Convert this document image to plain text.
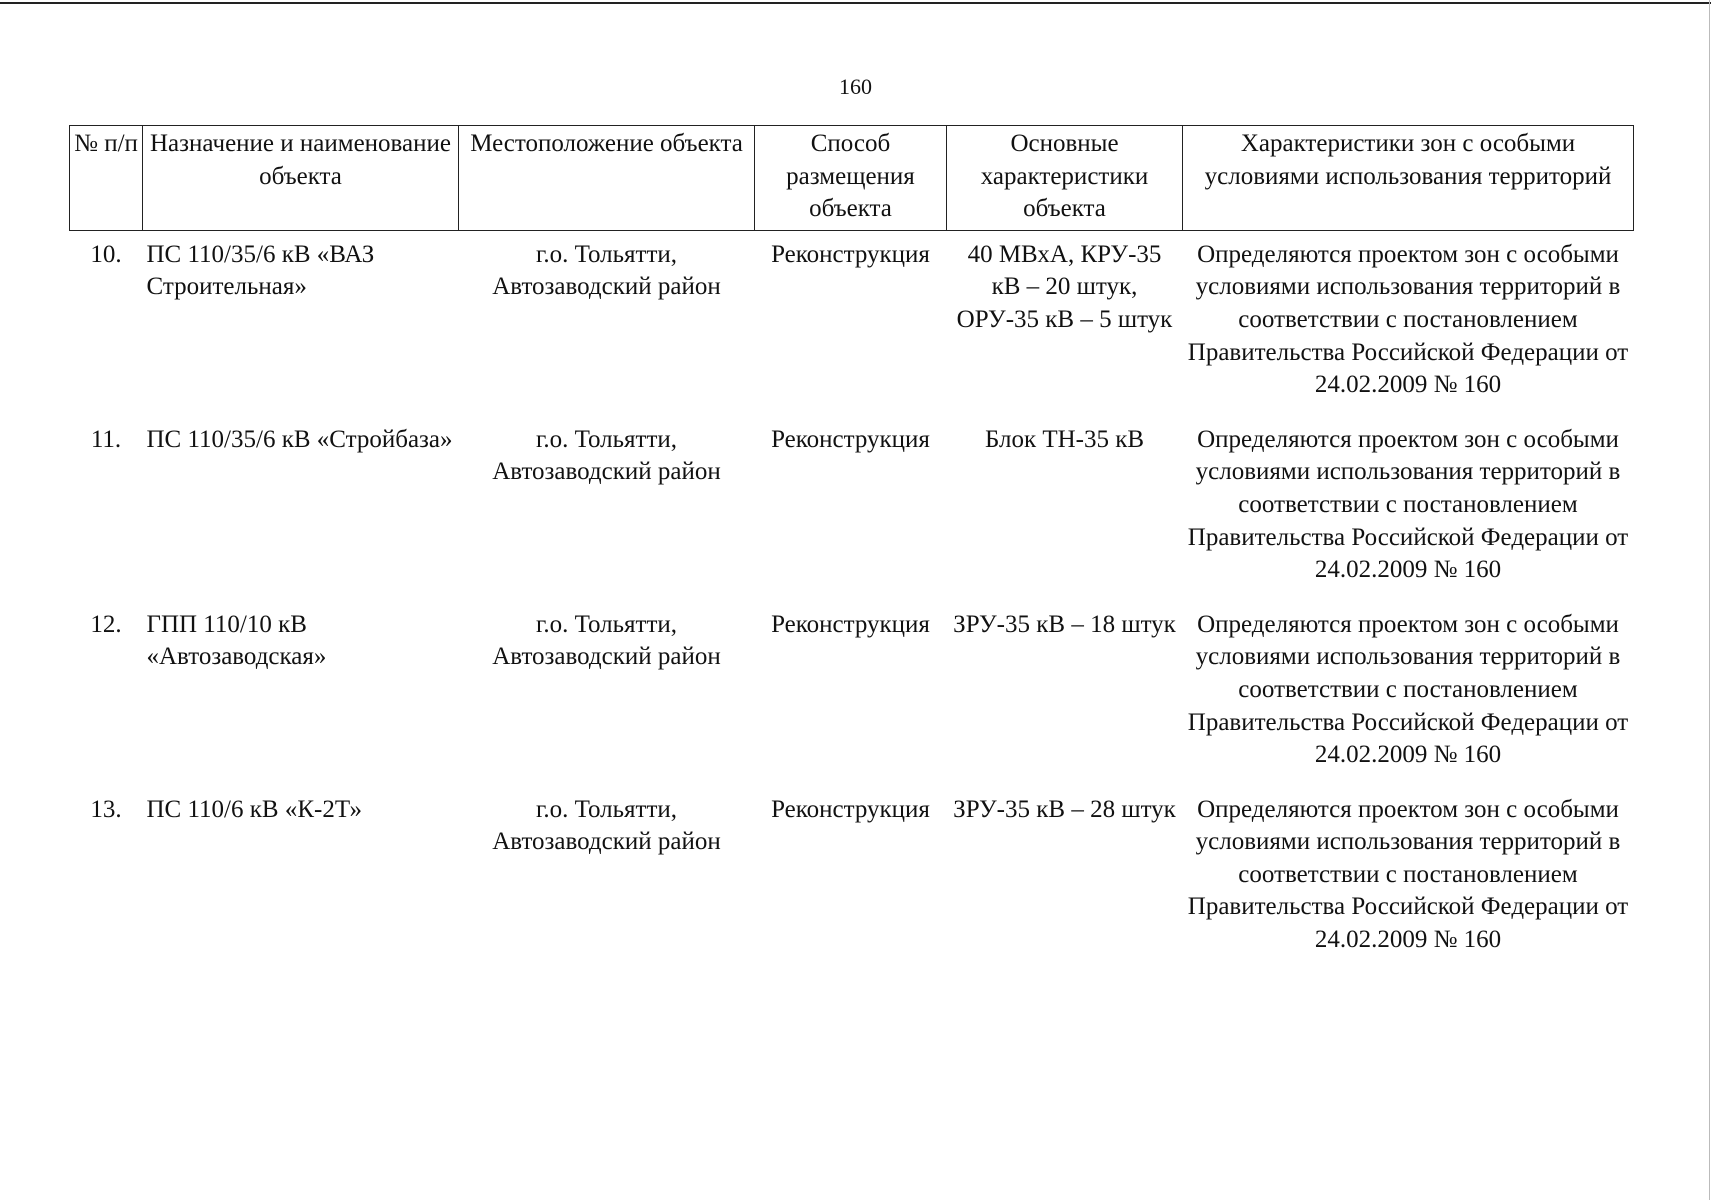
160
№ п/п	Назначение и наименование объекта	Местоположение объекта	Способ размещения объекта	Основные характеристики объекта	Характеристики зон с особыми условиями использования территорий
10.	ПС 110/35/6 кВ «ВАЗ Строительная»	г.о. Тольятти, Автозаводский район	Реконструкция	40 МВхА, КРУ-35 кВ – 20 штук, ОРУ-35 кВ – 5 штук	Определяются проектом зон с особыми условиями использования территорий в соответствии с постановлением Правительства Российской Федерации от 24.02.2009 № 160
11.	ПС 110/35/6 кВ «Стройбаза»	г.о. Тольятти, Автозаводский район	Реконструкция	Блок ТН-35 кВ	Определяются проектом зон с особыми условиями использования территорий в соответствии с постановлением Правительства Российской Федерации от 24.02.2009 № 160
12.	ГПП 110/10 кВ «Автозаводская»	г.о. Тольятти, Автозаводский район	Реконструкция	ЗРУ-35 кВ – 18 штук	Определяются проектом зон с особыми условиями использования территорий в соответствии с постановлением Правительства Российской Федерации от 24.02.2009 № 160
13.	ПС 110/6 кВ «К-2Т»	г.о. Тольятти, Автозаводский район	Реконструкция	ЗРУ-35 кВ – 28 штук	Определяются проектом зон с особыми условиями использования территорий в соответствии с постановлением Правительства Российской Федерации от 24.02.2009 № 160
